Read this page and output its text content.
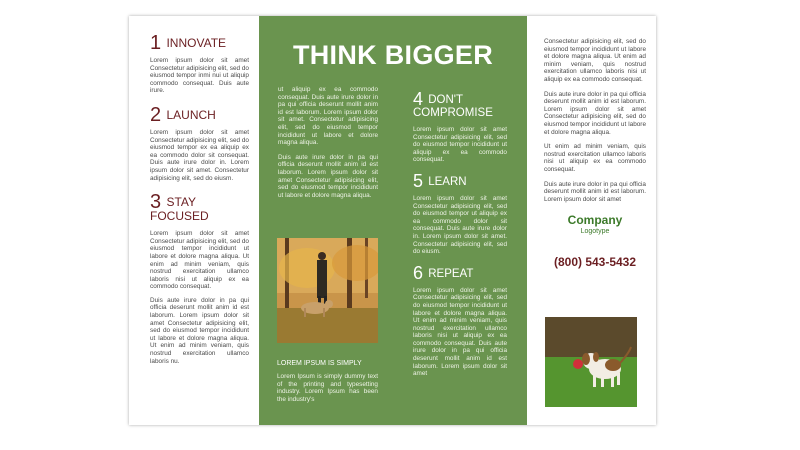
1 INNOVATE
Lorem ipsum dolor sit amet Consectetur adipisicing elit, sed do eiusmod tempor inmi nui ut aliquip commodo consequat. Duis aute irure.
2 LAUNCH
Lorem ipsum dolor sit amet Consectetur adipisicing elit, sed do eiusmod tempor ex ea aliquip ex ea commodo dolor sit consequat. Duis aute irure dolor in. Lorem ipsum dolor sit amet. Consectetur adipisicing elit, sed do eiusm.
3 STAY
FOCUSED
Lorem ipsum dolor sit amet Consectetur adipisicing elit, sed do eiusmod tempor incididunt ut labore et dolore magna aliqua. Ut enim ad minim veniam, quis nostrud exercitation ullamco laboris nisi ut aliquip ex ea commodo consequat.
Duis aute irure dolor in pa qui officia deserunt mollit anim id est laborum. Lorem ipsum dolor sit amet Consectetur adipisicing elit, sed do eiusmod tempor incididunt ut labore et dolore magna aliqua. Ut enim ad minim veniam, quis nostrud exercitation ullamco laboris nu.
Consectetur adipisicing elit, sed do eiusmod tempor incididunt ut labore et dolore magna aliqua. Ut enim ad minim veniam, quis nostrud exercitation ullamco laboris nisi ut aliquip ex ea commodo consequat.
Duis aute irure dolor in pa qui officia deserunt mollit anim id est laborum. Lorem ipsum dolor sit amet Consectetur adipisicing elit, sed do eiusmod tempor incididunt ut labore et dolore magna aliqua.
Ut enim ad minim veniam, quis nostrud exercitation ullamco laboris nisi ut aliquip ex ea commodo consequat.
Duis aute irure dolor in pa qui officia deserunt mollit anim id est laborum. Lorem ipsum dolor sit amet
Company
Logotype
(800) 543-5432
THINK BIGGER
ut aliquip ex ea commodo consequat. Duis aute irure dolor in pa qui officia deserunt mollit anim id est laborum. Lorem ipsum dolor sit amet. Consectetur adipisicing elit, sed do eiusmod tempor incididunt ut labore et dolore magna aliqua.
Duis aute irure dolor in pa qui officia deserunt mollit anim id est laborum. Lorem ipsum dolor sit amet Consectetur adipisicing elit, sed do eiusmod tempor incididunt ut labore et dolore magna aliqua.
LOREM IPSUM IS SIMPLY
Lorem Ipsum is simply dummy text of the printing and typesetting industry. Lorem Ipsum has been the industry's
4 DON'T
COMPROMISE
Lorem ipsum dolor sit amet Consectetur adipisicing elit, sed do eiusmod tempor incididunt ut aliquip ex ea commodo consequat.
5 LEARN
Lorem ipsum dolor sit amet Consectetur adipisicing elit, sed do eiusmod tempor ut aliquip ex ea commodo dolor sit consequat. Duis aute irure dolor in. Lorem ipsum dolor sit amet. Consectetur adipisicing elit, sed do eiusm.
6 REPEAT
Lorem ipsum dolor sit amet Consectetur adipisicing elit, sed do eiusmod tempor incididunt ut labore et dolore magna aliqua. Ut enim ad minim veniam, quis nostrud exercitation ullamco laboris nisi ut aliquip ex ea commodo consequat. Duis aute irure dolor in pa qui officia deserunt mollit anim id est laborum. Lorem ipsum dolor sit amet
